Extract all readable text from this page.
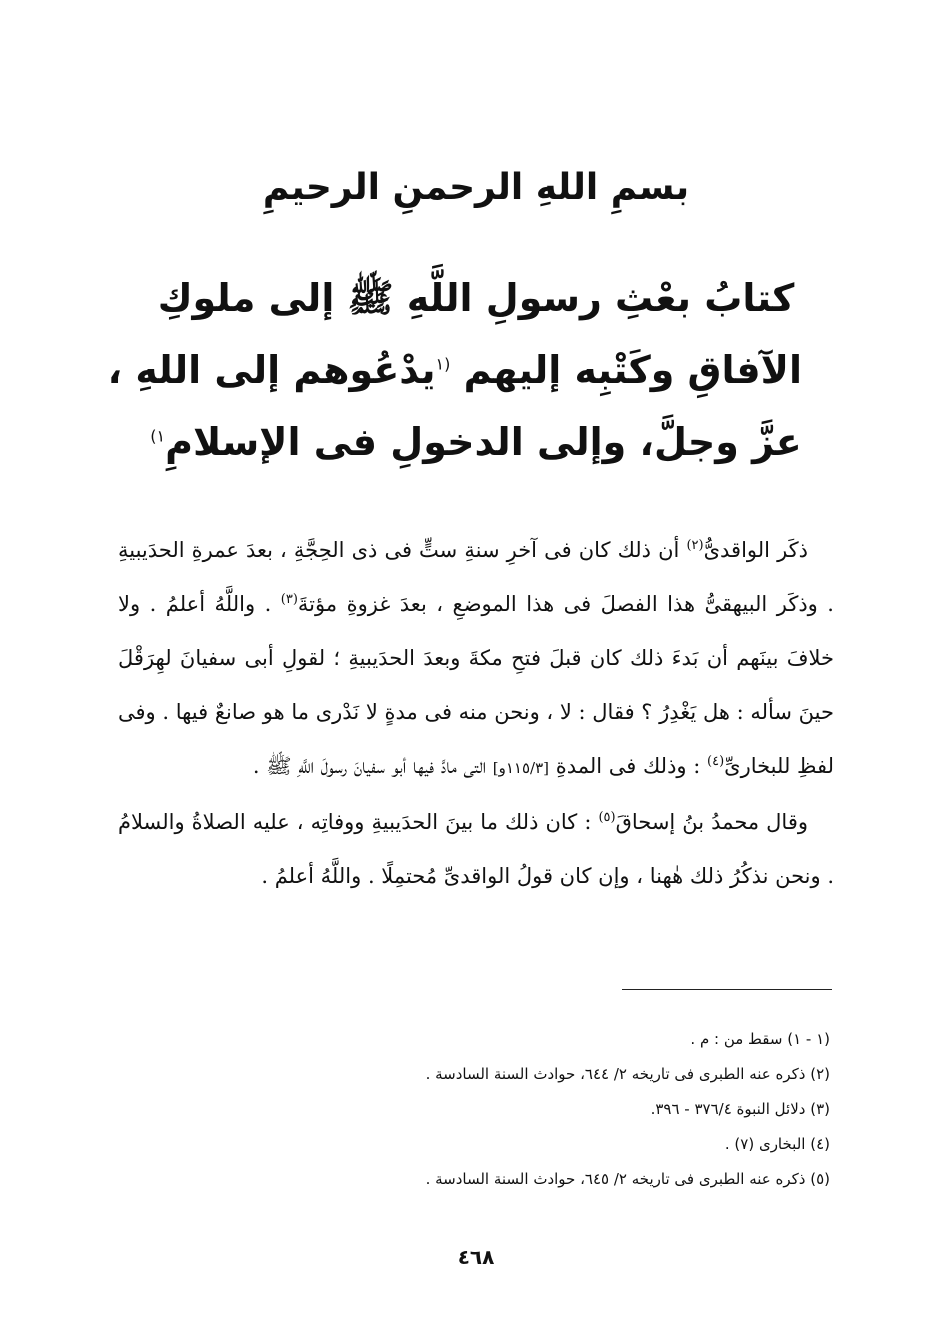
بسمِ اللهِ الرحمنِ الرحيمِ
كتابُ بعْثِ رسولِ اللَّهِ ﷺ إلى ملوكِ
الآفاقِ وكَتْبِه إليهم $^{(١}$يدْعُوهم إلى اللهِ ،
عزَّ وجلَّ، وإلى الدخولِ فى الإسلامِ$^{١)}$

ذكَر الواقدىُّ$^{(٢)}$ أن ذلك كان فى آخرِ سنةِ ستٍّ فى ذى الحِجَّةِ ، بعدَ عمرةِ الحدَيبيةِ . وذكَر البيهقىُّ هذا الفصلَ فى هذا الموضعِ ، بعدَ غزوةِ مؤتةَ$^{(٣)}$ . واللَّهُ أعلمُ . ولا خلافَ بينَهم أن بَدءَ ذلك كان قبلَ فتحِ مكةَ وبعدَ الحدَيبيةِ ؛ لقولِ أبى سفيانَ لهِرَقْلَ حينَ سأله : هل يَغْدِرُ ؟ فقال : لا ، ونحن منه فى مدةٍ لا نَدْرى ما هو صانعٌ فيها . وفى لفظِ للبخارىِّ$^{(٤)}$ : وذلك فى المدةِ [١١٥/٣و] التى مادَّ فيها أبو سفيانَ رسولَ اللَّهِ ﷺ .

وقال محمدُ بنُ إسحاقَ$^{(٥)}$ : كان ذلك ما بينَ الحدَيبيةِ ووفاتِه ، عليه الصلاةُ والسلامُ . ونحن نذكُرُ ذلك هٰهنا ، وإن كان قولُ الواقدىِّ مُحتمِلًا . واللَّهُ أعلمُ .

(١ - ١) سقط من : م .
(٢) ذكره عنه الطبرى فى تاريخه ٢/ ٦٤٤، حوادث السنة السادسة .
(٣) دلائل النبوة ٣٧٦/٤ - ٣٩٦.
(٤) البخارى (٧) .
(٥) ذكره عنه الطبرى فى تاريخه ٢/ ٦٤٥، حوادث السنة السادسة .
٤٦٨
